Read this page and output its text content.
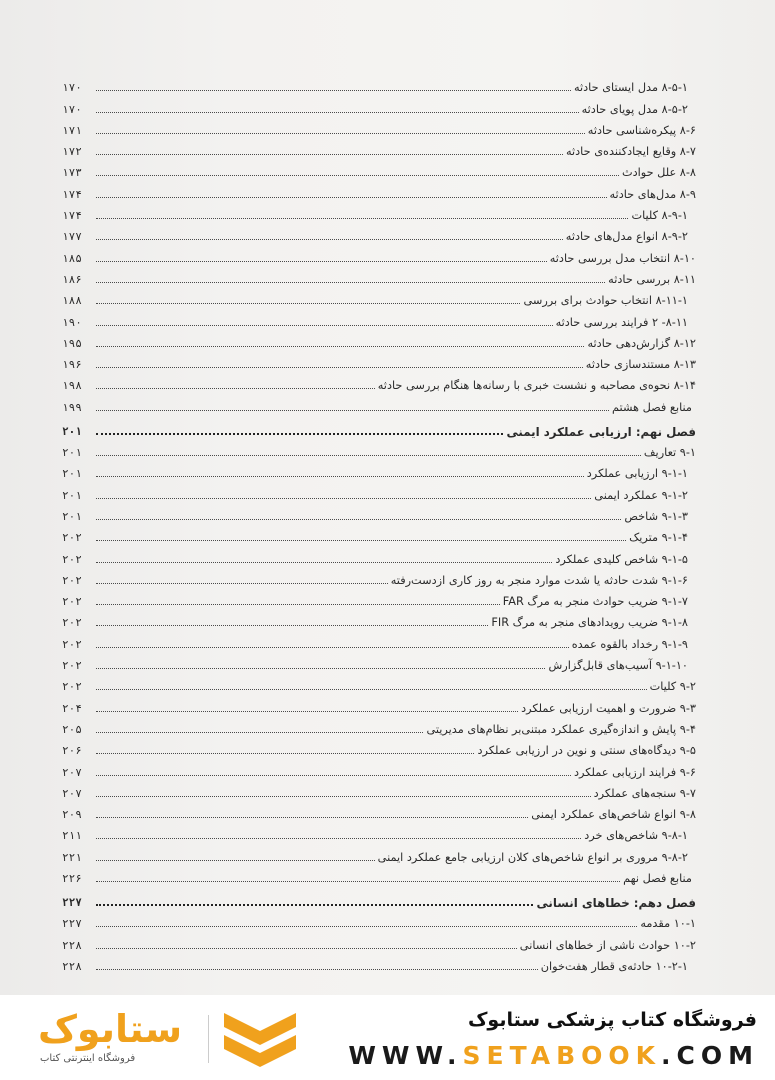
۸-۵-۱ مدل ایستای حادثه
۱۷۰
۸-۵-۲ مدل پویای حادثه
۱۷۰
۸-۶ پیکره‌شناسی حادثه
۱۷۱
۸-۷ وقایع ایجادکننده‌ی حادثه
۱۷۲
۸-۸ علل حوادث
۱۷۳
۸-۹ مدل‌های حادثه
۱۷۴
۸-۹-۱ کلیات
۱۷۴
۸-۹-۲ انواع مدل‌های حادثه
۱۷۷
۸-۱۰ انتخاب مدل بررسی حادثه
۱۸۵
۸-۱۱ بررسی حادثه
۱۸۶
۸-۱۱-۱ انتخاب حوادث برای بررسی
۱۸۸
۸-۱۱- ۲ فرایند بررسی حادثه
۱۹۰
۸-۱۲ گزارش‌دهی حادثه
۱۹۵
۸-۱۳ مستندسازی حادثه
۱۹۶
۸-۱۴ نحوه‌ی مصاحبه و نشست خبری با رسانه‌ها هنگام بررسی حادثه
۱۹۸
منابع فصل هشتم
۱۹۹
فصل نهم: ارزیابی عملکرد ایمنی
۲۰۱
۹-۱ تعاریف
۲۰۱
۹-۱-۱ ارزیابی عملکرد
۲۰۱
۹-۱-۲ عملکرد ایمنی
۲۰۱
۹-۱-۳ شاخص
۲۰۱
۹-۱-۴ متریک
۲۰۲
۹-۱-۵ شاخص کلیدی عملکرد
۲۰۲
۹-۱-۶ شدت حادثه یا شدت موارد منجر به روز کاری ازدست‌رفته
۲۰۲
۹-۱-۷ ضریب حوادث منجر به مرگ FAR
۲۰۲
۹-۱-۸ ضریب رویدادهای منجر به مرگ FIR
۲۰۲
۹-۱-۹ رخداد بالقوه عمده
۲۰۲
۹-۱-۱۰ آسیب‌های قابل‌گزارش
۲۰۲
۹-۲ کلیات
۲۰۲
۹-۳ ضرورت و اهمیت ارزیابی عملکرد
۲۰۴
۹-۴ پایش و اندازه‌گیری عملکرد مبتنی‌بر نظام‌های مدیریتی
۲۰۵
۹-۵ دیدگاه‌های سنتی و نوین در ارزیابی عملکرد
۲۰۶
۹-۶ فرایند ارزیابی عملکرد
۲۰۷
۹-۷ سنجه‌های عملکرد
۲۰۷
۹-۸ انواع شاخص‌های عملکرد ایمنی
۲۰۹
۹-۸-۱ شاخص‌های خرد
۲۱۱
۹-۸-۲ مروری بر انواع شاخص‌های کلان ارزیابی جامع عملکرد ایمنی
۲۲۱
منابع فصل نهم
۲۲۶
فصل دهم: خطاهای انسانی
۲۲۷
۱۰-۱ مقدمه
۲۲۷
۱۰-۲ حوادث ناشی از خطاهای انسانی
۲۲۸
۱۰-۲-۱ حادثه‌ی قطار هفت‌خوان
۲۲۸
ستابوک
فروشگاه اینترنتی کتاب
فروشگاه کتاب پزشکی ستابوک
WWW.SETABOOK.COM
